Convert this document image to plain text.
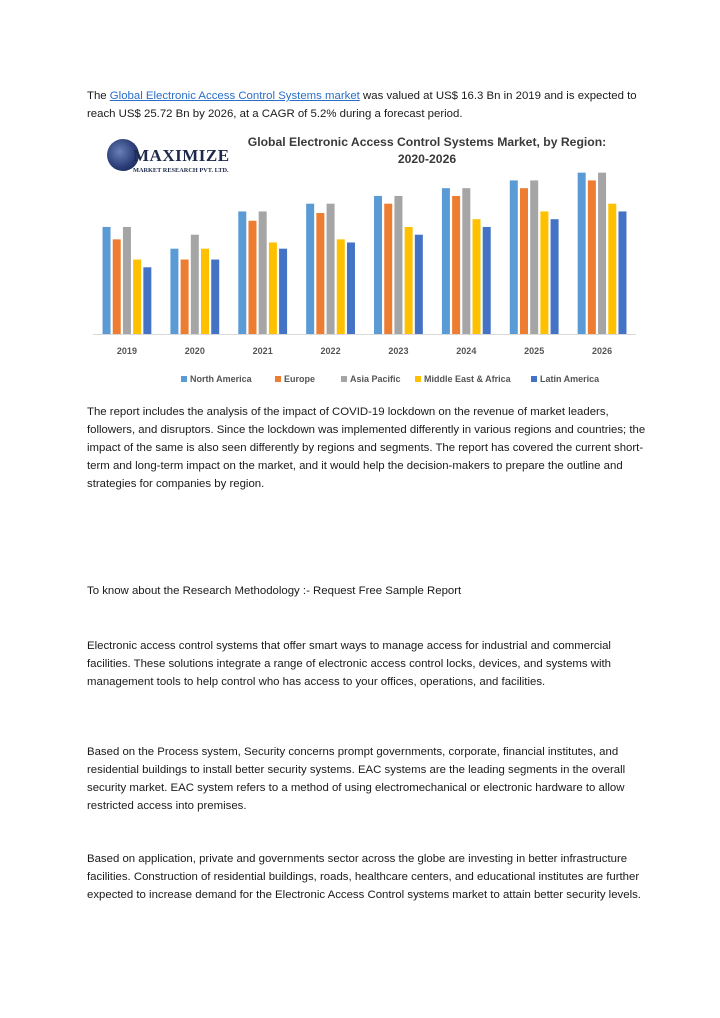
The Global Electronic Access Control Systems market was valued at US$ 16.3 Bn in 2019 and is expected to reach US$ 25.72 Bn by 2026, at a CAGR of 5.2% during a forecast period.

2019	2020	2021	2022	2023	2024	2025	2026
MAXIMIZE
MARKET RESEARCH PVT. LTD.
Global Electronic Access Control Systems Market, by Region:
2020-2026
North America	Europe	Asia Pacific	Middle East & Africa	Latin America

The report includes the analysis of the impact of COVID-19 lockdown on the revenue of market leaders, followers, and disruptors. Since the lockdown was implemented differently in various regions and countries; the impact of the same is also seen differently by regions and segments. The report has covered the current short-term and long-term impact on the market, and it would help the decision-makers to prepare the outline and strategies for companies by region.

To know about the Research Methodology :- Request Free Sample Report

Electronic access control systems that offer smart ways to manage access for industrial and commercial facilities. These solutions integrate a range of electronic access control locks, devices, and systems with management tools to help control who has access to your offices, operations, and facilities.

Based on the Process system, Security concerns prompt governments, corporate, financial institutes, and residential buildings to install better security systems. EAC systems are the leading segments in the overall security market. EAC system refers to a method of using electromechanical or electronic hardware to allow restricted access into premises.

Based on application, private and governments sector across the globe are investing in better infrastructure facilities. Construction of residential buildings, roads, healthcare centers, and educational institutes are further expected to increase demand for the Electronic Access Control systems market to attain better security levels.
